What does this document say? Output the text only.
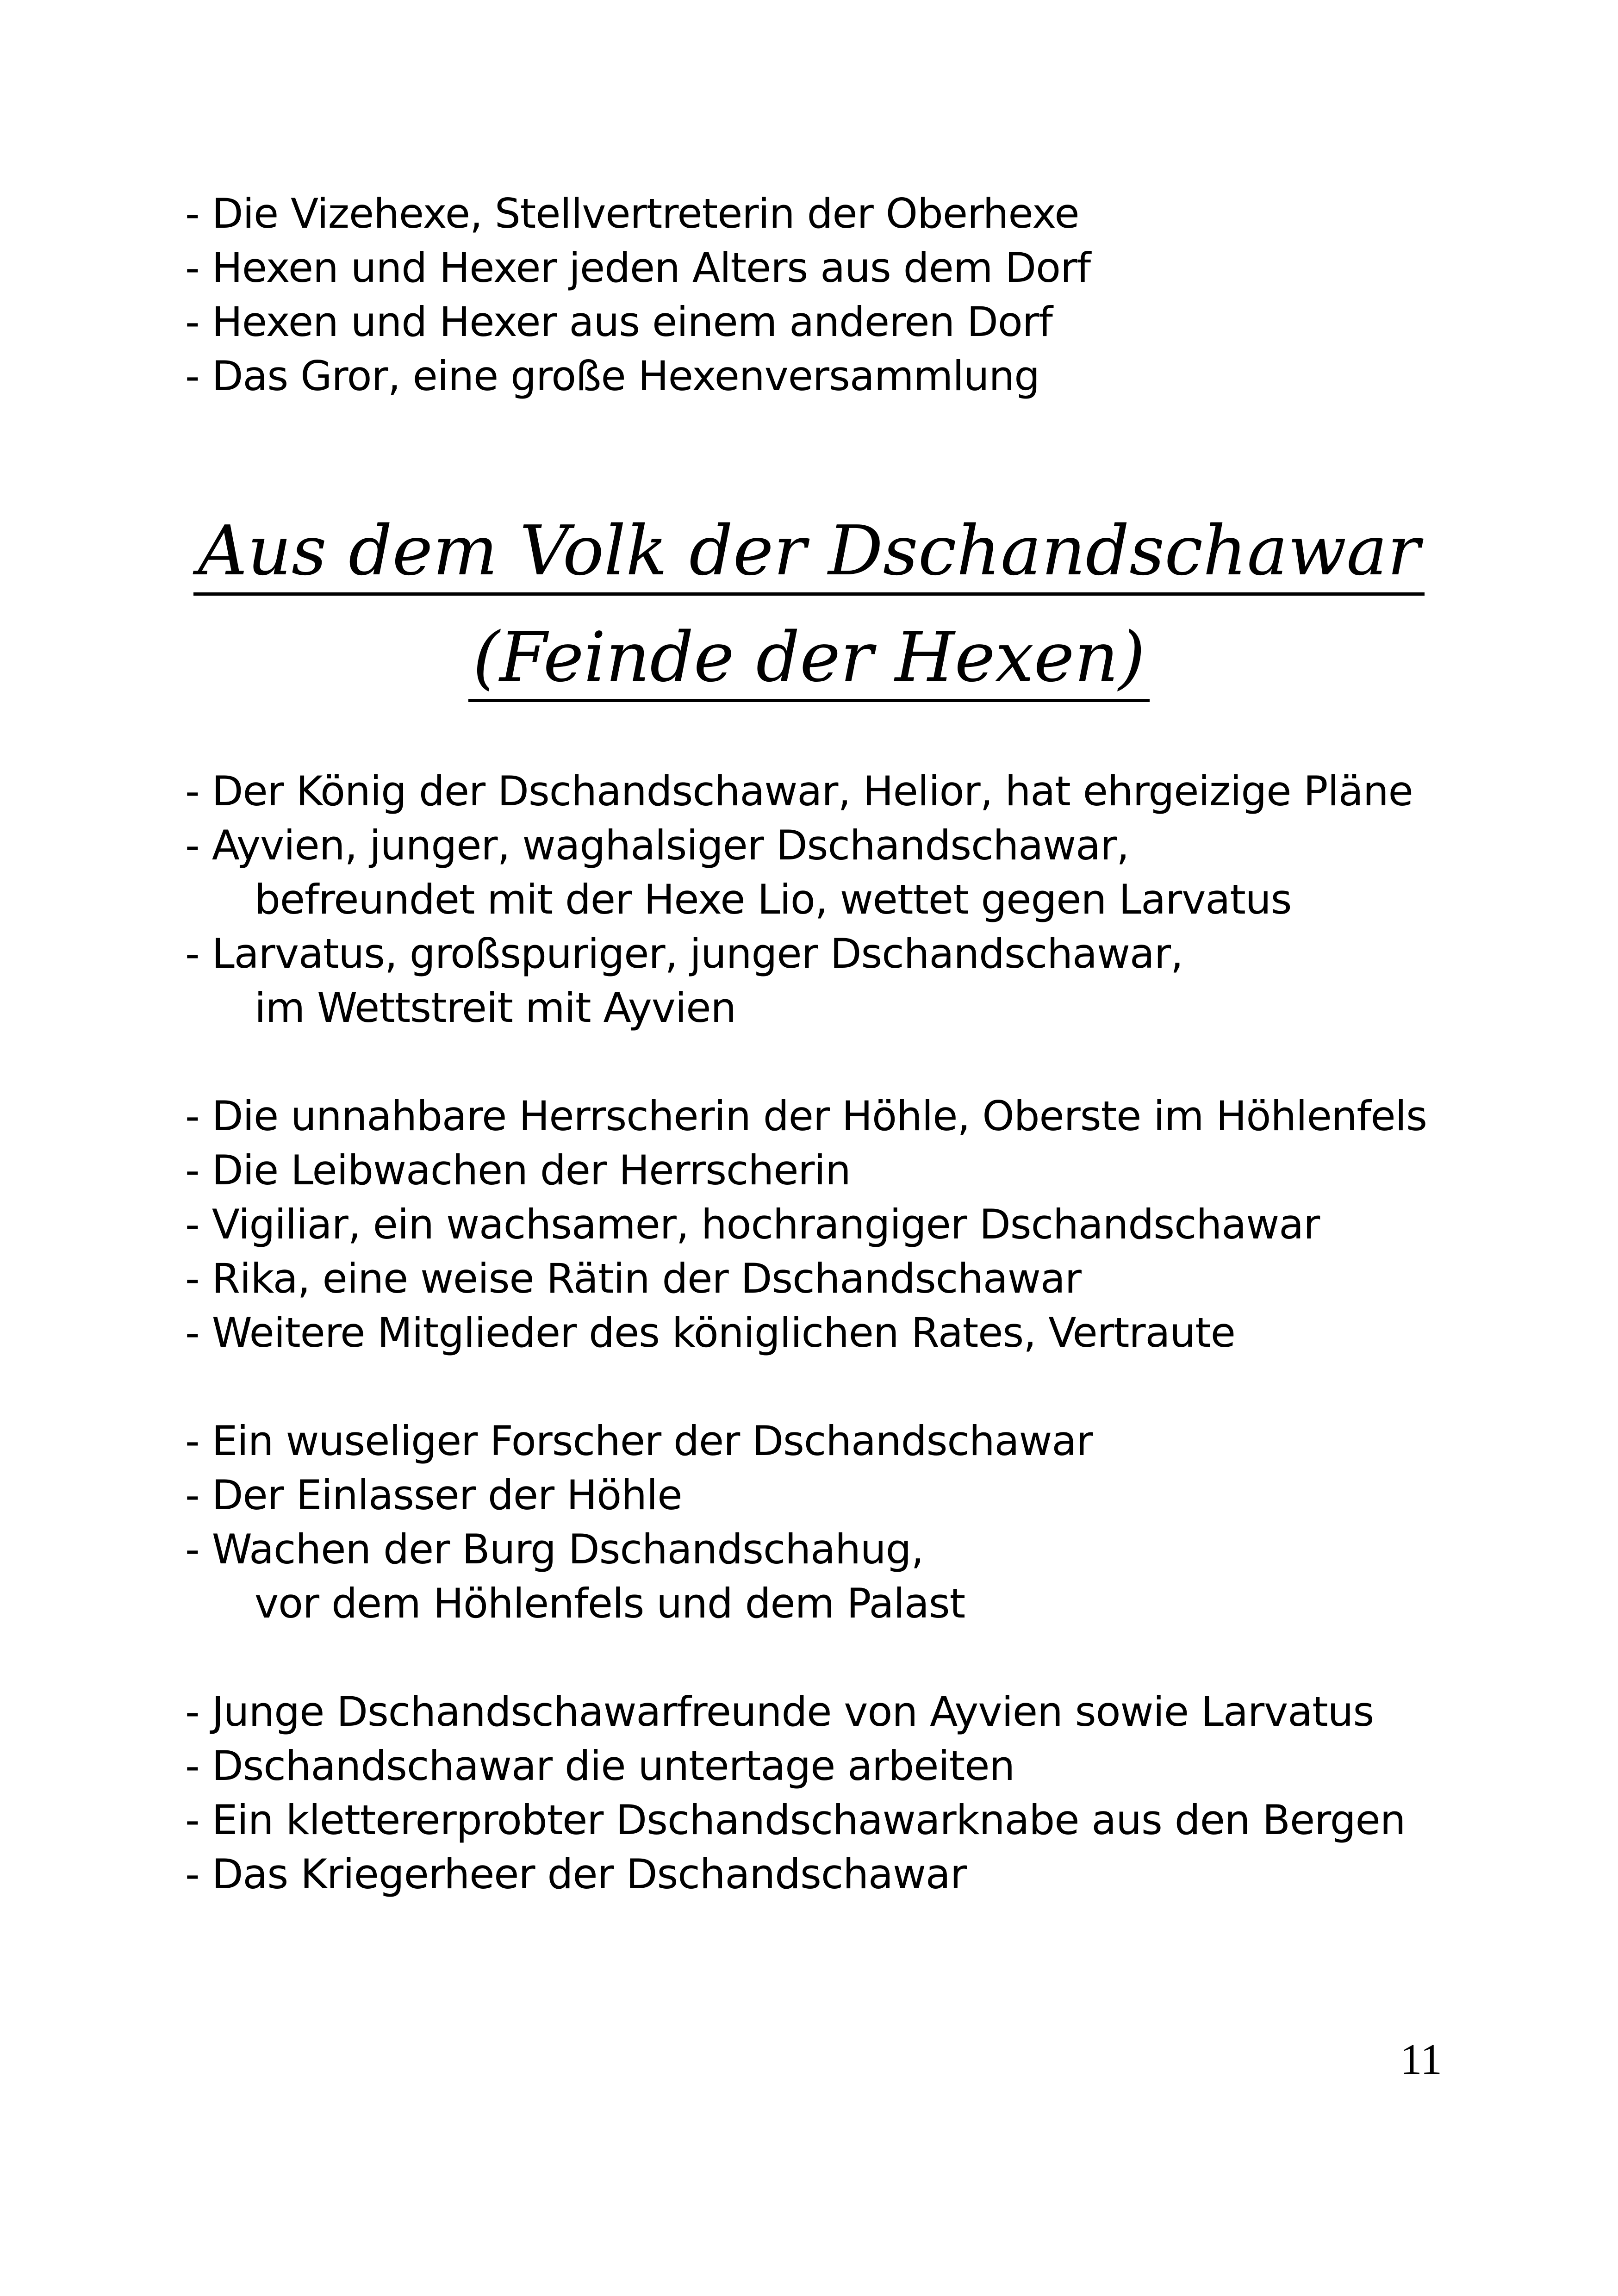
- Die Vizehexe, Stellvertreterin der Oberhexe
- Hexen und Hexer jeden Alters aus dem Dorf
- Hexen und Hexer aus einem anderen Dorf
- Das Gror, eine große Hexenversammlung
Aus dem Volk der Dschandschawar
(Feinde der Hexen)
- Der König der Dschandschawar, Helior, hat ehrgeizige Pläne
- Ayvien, junger, waghalsiger Dschandschawar,
befreundet mit der Hexe Lio, wettet gegen Larvatus
- Larvatus, großspuriger, junger Dschandschawar,
im Wettstreit mit Ayvien
- Die unnahbare Herrscherin der Höhle, Oberste im Höhlenfels
- Die Leibwachen der Herrscherin
- Vigiliar, ein wachsamer, hochrangiger Dschandschawar
- Rika, eine weise Rätin der Dschandschawar
- Weitere Mitglieder des königlichen Rates, Vertraute
- Ein wuseliger Forscher der Dschandschawar
- Der Einlasser der Höhle
- Wachen der Burg Dschandschahug,
vor dem Höhlenfels und dem Palast
- Junge Dschandschawarfreunde von Ayvien sowie Larvatus
- Dschandschawar die untertage arbeiten
- Ein klettererprobter Dschandschawarknabe aus den Bergen
- Das Kriegerheer der Dschandschawar
11
